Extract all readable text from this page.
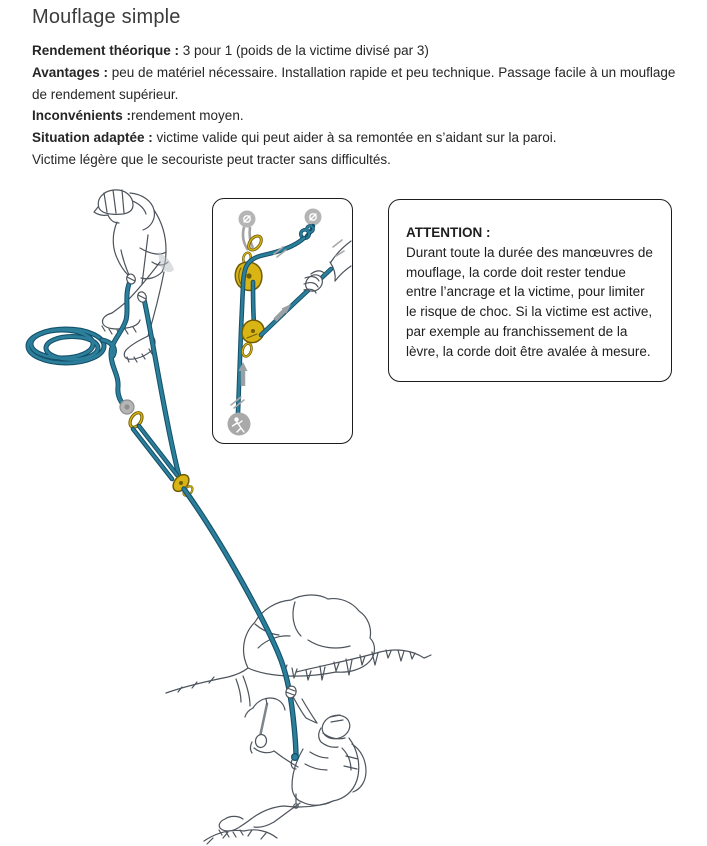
Mouflage simple

Rendement théorique : 3 pour 1 (poids de la victime divisé par 3)

Avantages : peu de matériel nécessaire. Installation rapide et peu technique. Passage facile à un mouflage de rendement supérieur.

Inconvénients :rendement moyen.

Situation adaptée : victime valide qui peut aider à sa remontée en s’aidant sur la paroi.

Victime légère que le secouriste peut tracter sans difficultés.

ATTENTION :
Durant toute la durée des manœuvres de mouflage, la corde doit rester tendue entre l’ancrage et la victime, pour limiter le risque de choc. Si la victime est active, par exemple au franchissement de la lèvre, la corde doit être avalée à mesure.
